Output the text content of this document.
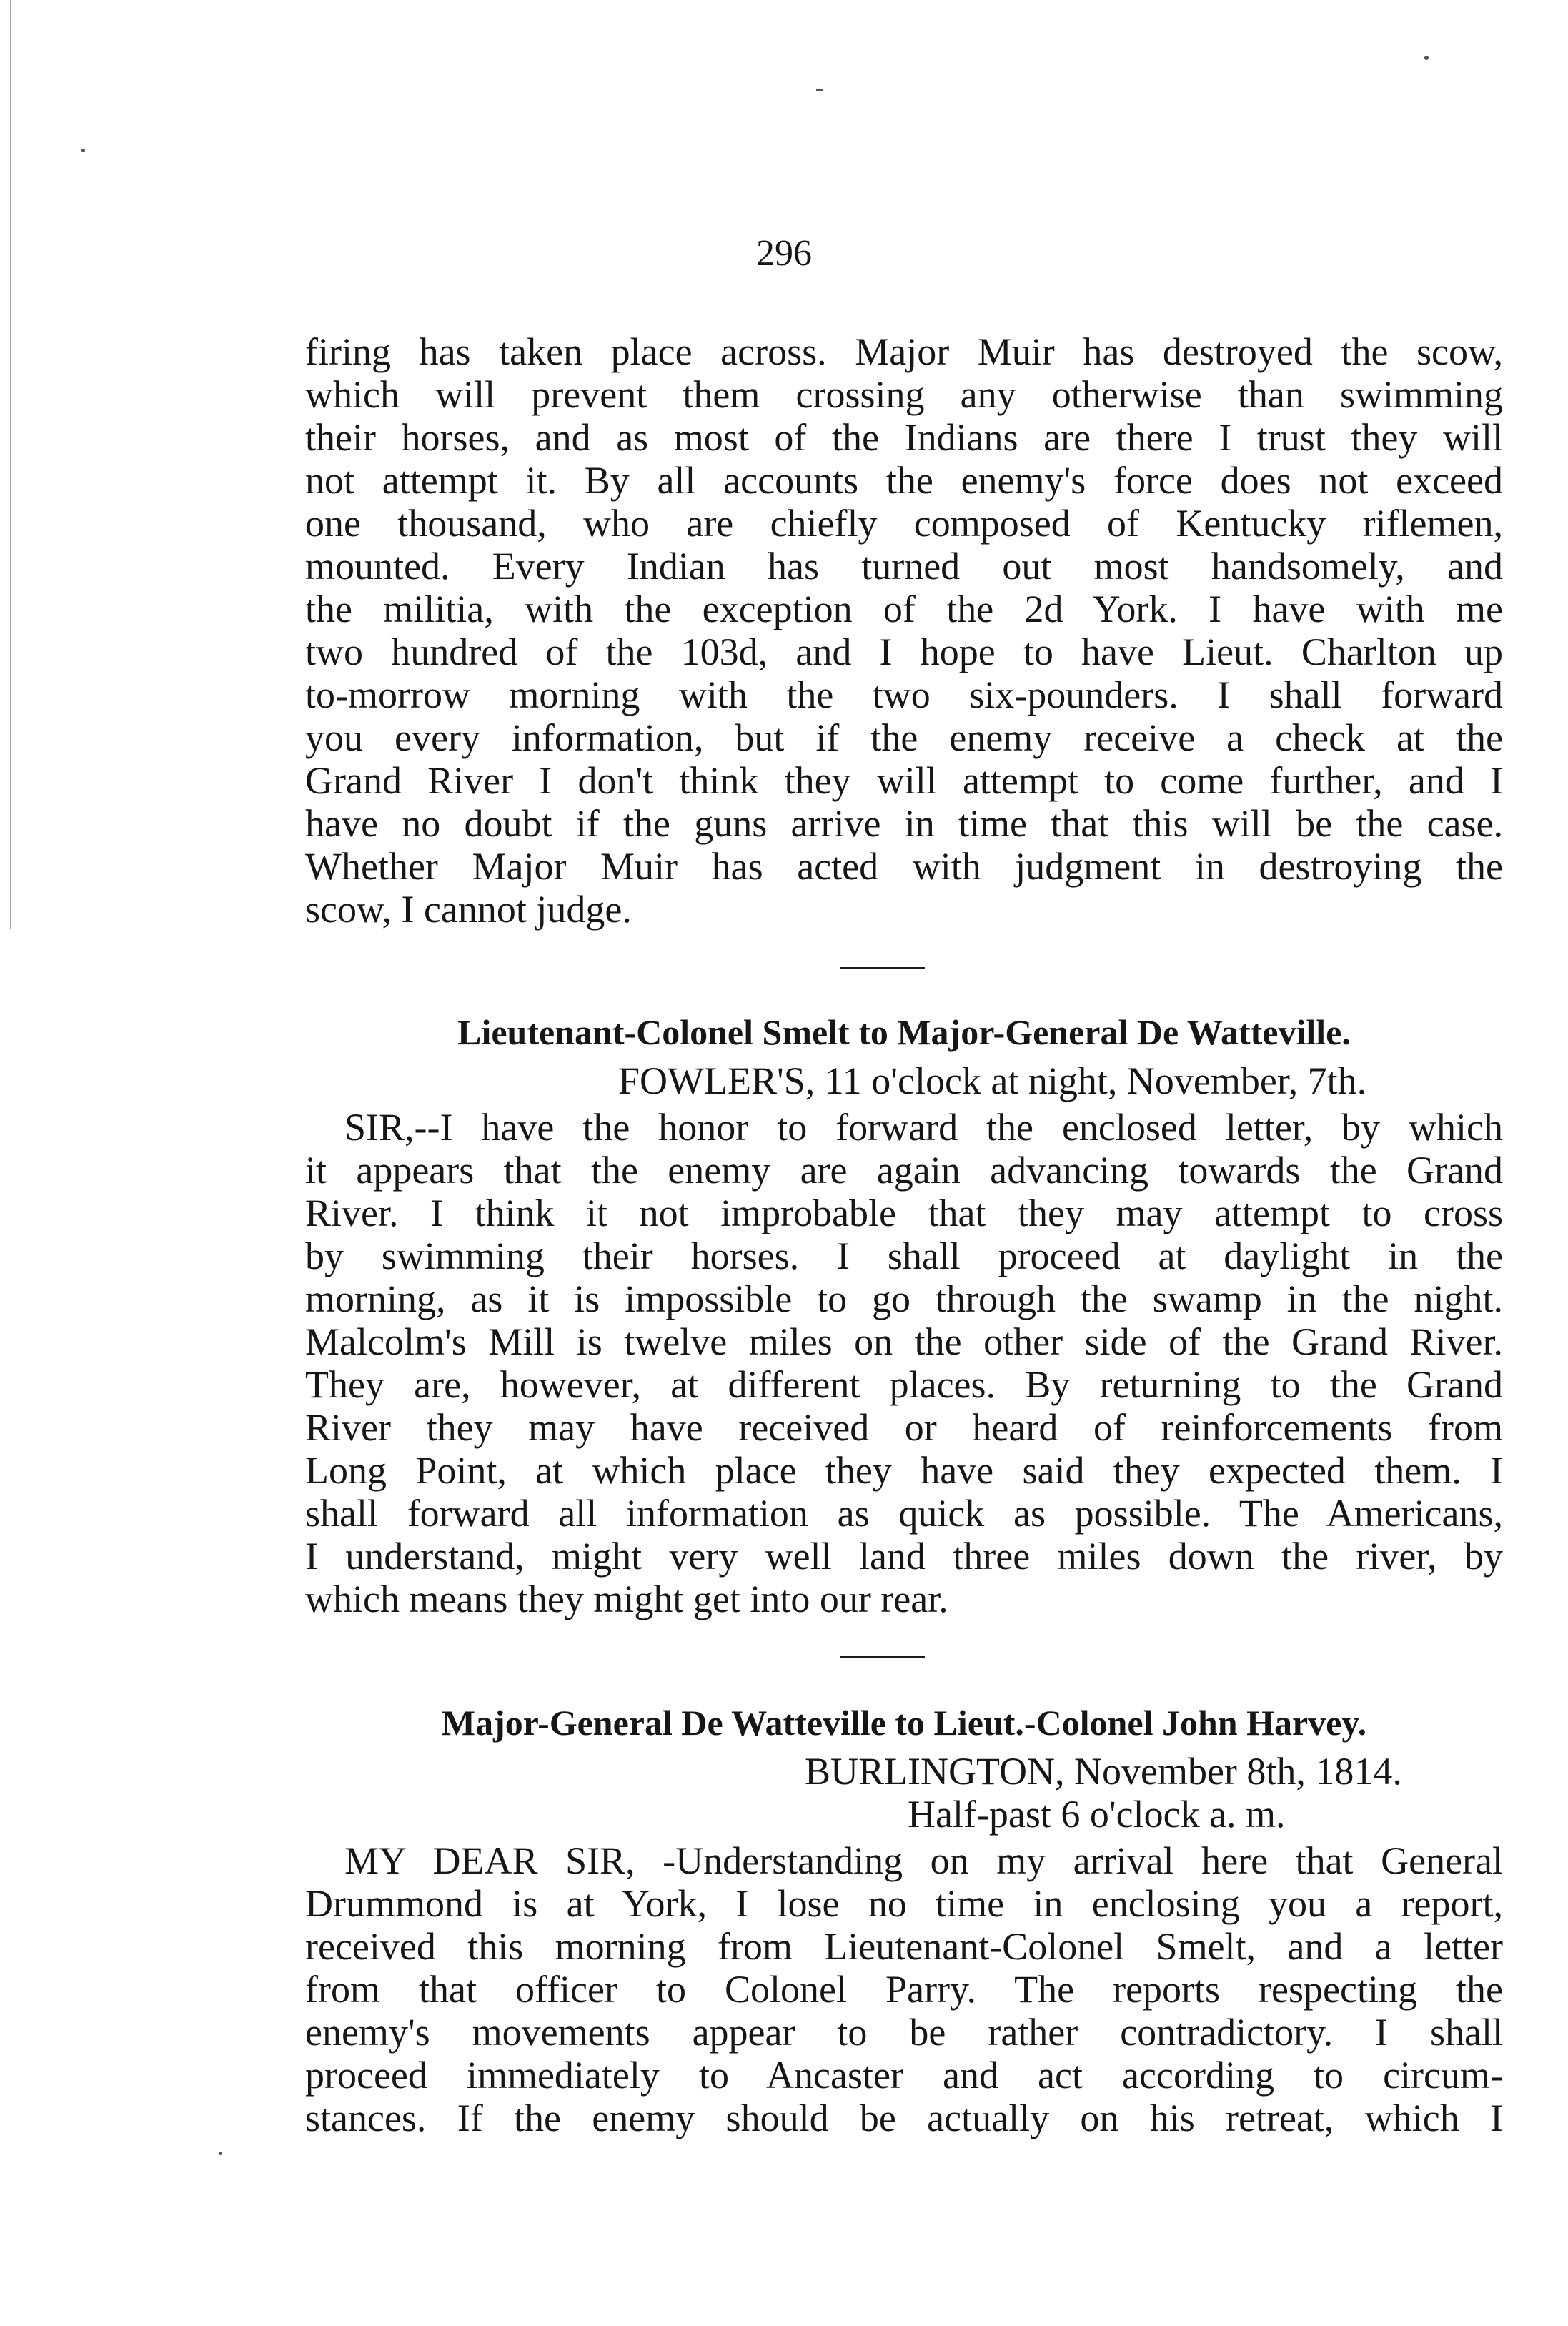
296
firing has taken place across. Major Muir has destroyed the scow,
which will prevent them crossing any otherwise than swimming
their horses, and as most of the Indians are there I trust they will
not attempt it. By all accounts the enemy's force does not exceed
one thousand, who are chiefly composed of Kentucky riflemen,
mounted. Every Indian has turned out most handsomely, and
the militia, with the exception of the 2d York. I have with me
two hundred of the 103d, and I hope to have Lieut. Charlton up
to-morrow morning with the two six-pounders. I shall forward
you every information, but if the enemy receive a check at the
Grand River I don't think they will attempt to come further, and I
have no doubt if the guns arrive in time that this will be the case.
Whether Major Muir has acted with judgment in destroying the
scow, I cannot judge.
Lieutenant-Colonel Smelt to Major-General De Watteville.
FOWLER'S, 11 o'clock at night, November, 7th.
SIR,--I have the honor to forward the enclosed letter, by which
it appears that the enemy are again advancing towards the Grand
River. I think it not improbable that they may attempt to cross
by swimming their horses. I shall proceed at daylight in the
morning, as it is impossible to go through the swamp in the night.
Malcolm's Mill is twelve miles on the other side of the Grand River.
They are, however, at different places. By returning to the Grand
River they may have received or heard of reinforcements from
Long Point, at which place they have said they expected them. I
shall forward all information as quick as possible. The Americans,
I understand, might very well land three miles down the river, by
which means they might get into our rear.
Major-General De Watteville to Lieut.-Colonel John Harvey.
BURLINGTON, November 8th, 1814.
Half-past 6 o'clock a. m.
MY DEAR SIR, -Understanding on my arrival here that General
Drummond is at York, I lose no time in enclosing you a report,
received this morning from Lieutenant-Colonel Smelt, and a letter
from that officer to Colonel Parry. The reports respecting the
enemy's movements appear to be rather contradictory. I shall
proceed immediately to Ancaster and act according to circum-
stances. If the enemy should be actually on his retreat, which I
